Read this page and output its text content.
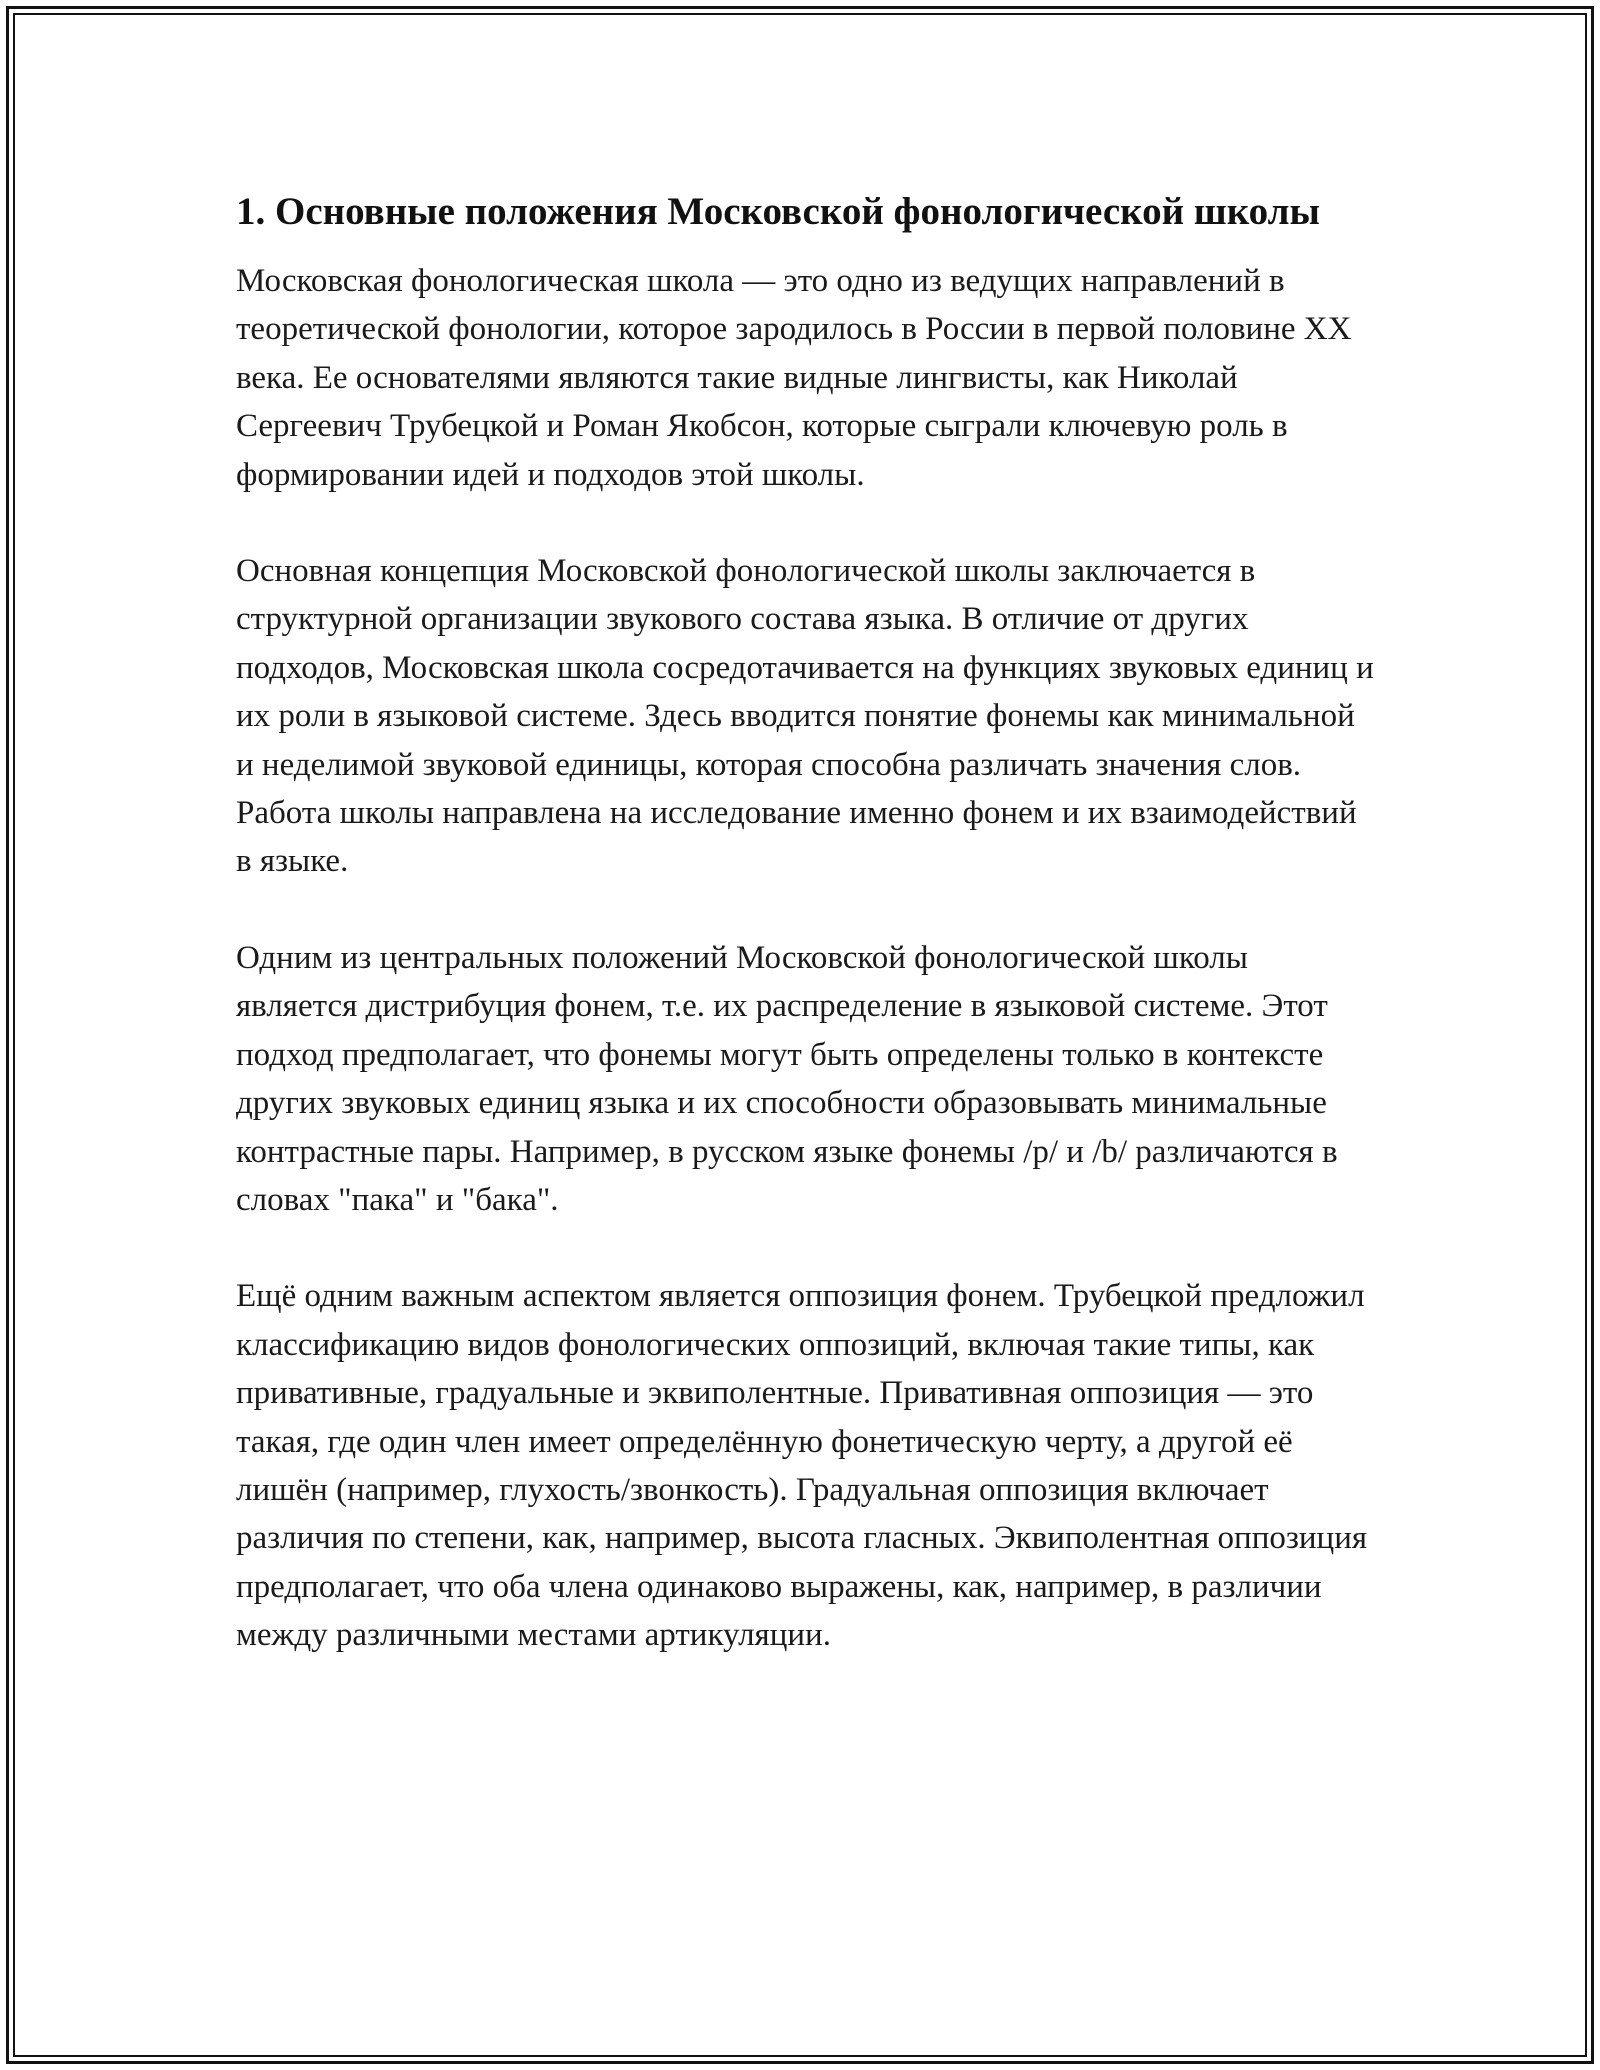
1. Основные положения Московской фонологической школы

Московская фонологическая школа — это одно из ведущих направлений в теоретической фонологии, которое зародилось в России в первой половине XX века. Ее основателями являются такие видные лингвисты, как Николай Сергеевич Трубецкой и Роман Якобсон, которые сыграли ключевую роль в формировании идей и подходов этой школы.

Основная концепция Московской фонологической школы заключается в структурной организации звукового состава языка. В отличие от других подходов, Московская школа сосредотачивается на функциях звуковых единиц и их роли в языковой системе. Здесь вводится понятие фонемы как минимальной и неделимой звуковой единицы, которая способна различать значения слов. Работа школы направлена на исследование именно фонем и их взаимодействий в языке.

Одним из центральных положений Московской фонологической школы является дистрибуция фонем, т.е. их распределение в языковой системе. Этот подход предполагает, что фонемы могут быть определены только в контексте других звуковых единиц языка и их способности образовывать минимальные контрастные пары. Например, в русском языке фонемы /p/ и /b/ различаются в словах "пака" и "бака".

Ещё одним важным аспектом является оппозиция фонем. Трубецкой предложил классификацию видов фонологических оппозиций, включая такие типы, как привативные, градуальные и эквиполентные. Привативная оппозиция — это такая, где один член имеет определённую фонетическую черту, а другой её лишён (например, глухость/звонкость). Градуальная оппозиция включает различия по степени, как, например, высота гласных. Эквиполентная оппозиция предполагает, что оба члена одинаково выражены, как, например, в различии между различными местами артикуляции.
